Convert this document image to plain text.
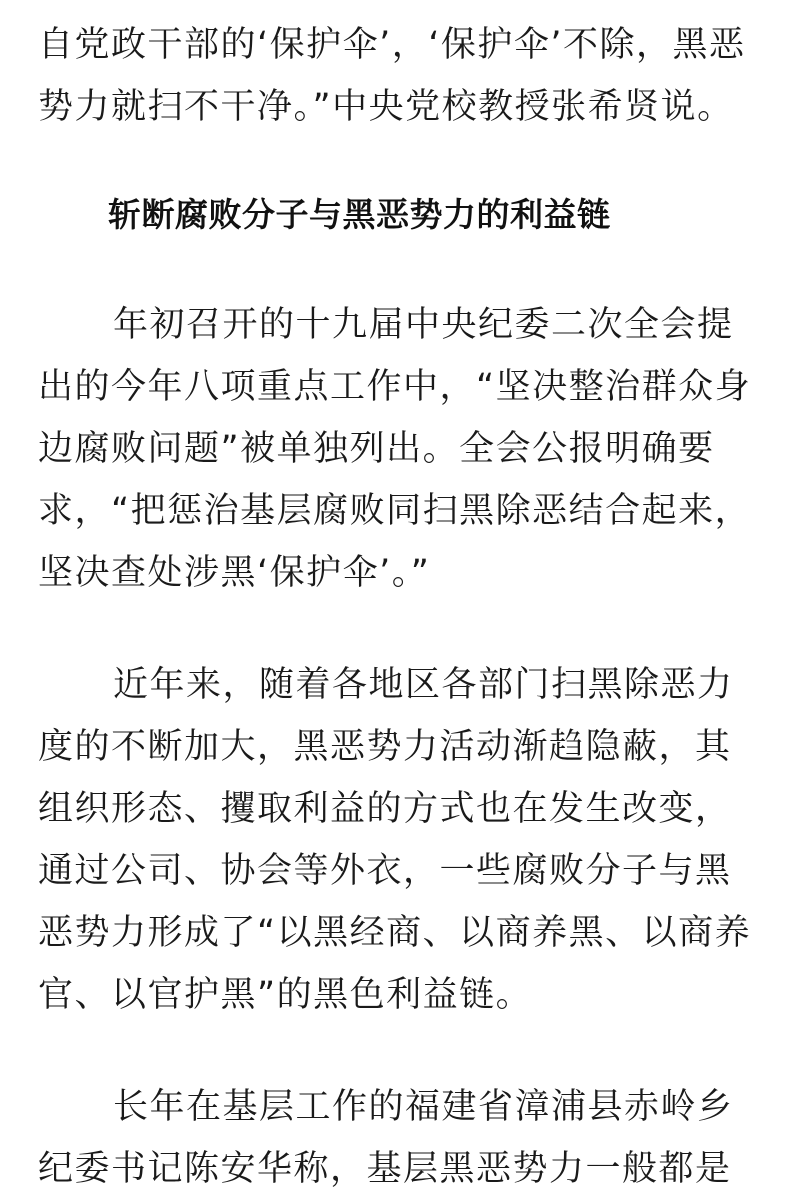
自党政干部的‘保护伞’，‘保护伞’不除，黑恶
势力就扫不干净。”中央党校教授张希贤说。
斩断腐败分子与黑恶势力的利益链
年初召开的十九届中央纪委二次全会提
出的今年八项重点工作中，“坚决整治群众身
边腐败问题”被单独列出。全会公报明确要
求，“把惩治基层腐败同扫黑除恶结合起来，
坚决查处涉黑‘保护伞’。”
近年来，随着各地区各部门扫黑除恶力
度的不断加大，黑恶势力活动渐趋隐蔽，其
组织形态、攫取利益的方式也在发生改变，
通过公司、协会等外衣，一些腐败分子与黑
恶势力形成了“以黑经商、以商养黑、以商养
官、以官护黑”的黑色利益链。
长年在基层工作的福建省漳浦县赤岭乡
纪委书记陈安华称，基层黑恶势力一般都是
